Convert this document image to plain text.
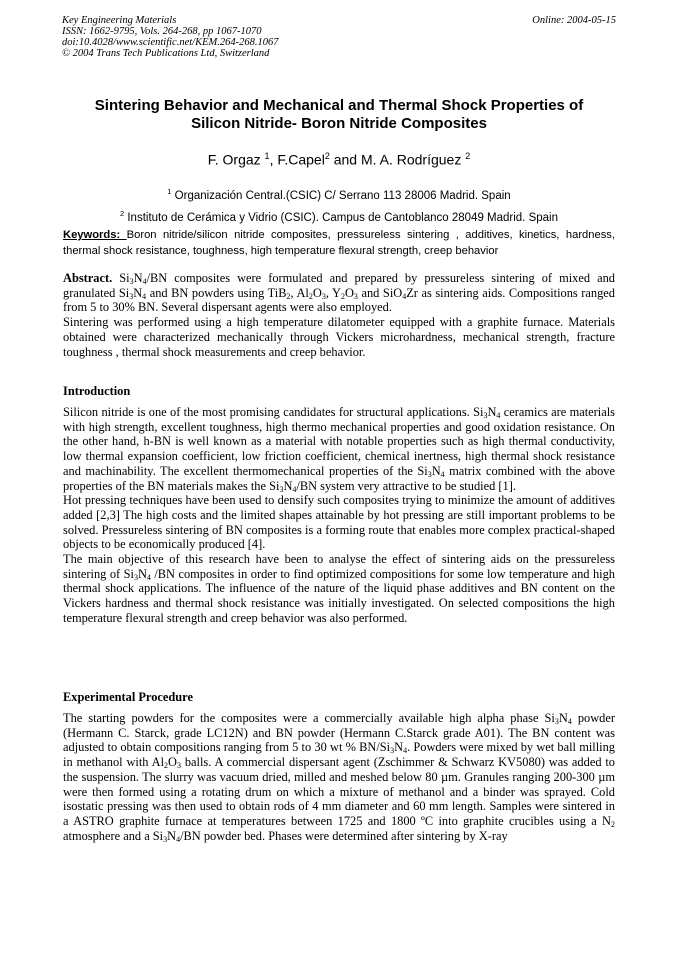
Key Engineering Materials
ISSN: 1662-9795, Vols. 264-268, pp 1067-1070
doi:10.4028/www.scientific.net/KEM.264-268.1067
© 2004 Trans Tech Publications Ltd, Switzerland
Online: 2004-05-15
Sintering Behavior and Mechanical and Thermal Shock Properties of
Silicon Nitride- Boron Nitride Composites
F. Orgaz $^1$, F.Capel$^2$ and M. A. Rodríguez $^2$
$^1$ Organización Central.(CSIC) C/ Serrano 113 28006 Madrid. Spain
$^2$ Instituto de Cerámica y Vidrio (CSIC). Campus de Cantoblanco 28049 Madrid. Spain
Keywords: Boron nitride/silicon nitride composites, pressureless sintering , additives, kinetics, hardness, thermal shock resistance, toughness, high temperature flexural strength, creep behavior

Abstract. $Si_3N_4/BN$ composites were formulated and prepared by pressureless sintering of mixed and granulated $Si_3N_4$ and BN powders using TiB$_2$, $Al_2O_3$, $Y_2O_3$ and SiO$_4$Zr as sintering aids. Compositions ranged from 5 to 30% BN. Several dispersant agents were also employed.

Sintering was performed using a high temperature dilatometer equipped with a graphite furnace. Materials obtained were characterized mechanically through Vickers microhardness, mechanical strength, fracture toughness , thermal shock measurements and creep behavior.

Introduction

Silicon nitride is one of the most promising candidates for structural applications. $Si_3N_4$ ceramics are materials with high strength, excellent toughness, high thermo mechanical properties and good oxidation resistance. On the other hand, h-BN is well known as a material with notable properties such as high thermal conductivity, low thermal expansion coefficient, low friction coefficient, chemical inertness, high thermal shock resistance and machinability. The excellent thermomechanical properties of the $Si_3N_4$ matrix combined with the above properties of the BN materials makes the $Si_3N_4/BN$ system very attractive to be studied [1].

Hot pressing techniques have been used to densify such composites trying to minimize the amount of additives added [2,3] The high costs and the limited shapes attainable by hot pressing are still important problems to be solved. Pressureless sintering of BN composites is a forming route that enables more complex practical-shaped objects to be economically produced [4].

The main objective of this research have been to analyse the effect of sintering aids on the pressureless sintering of $Si_3N_4$ /BN composites in order to find optimized compositions for some low temperature and high thermal shock applications. The influence of the nature of the liquid phase additives and BN content on the Vickers hardness and thermal shock resistance was initially investigated. On selected compositions the high temperature flexural strength and creep behavior was also performed.

Experimental Procedure

The starting powders for the composites were a commercially available high alpha phase $Si_3N_4$ powder (Hermann C. Starck, grade LC12N) and BN powder (Hermann C.Starck grade A01). The BN content was adjusted to obtain compositions ranging from 5 to 30 wt % $BN/Si_3N_4$. Powders were mixed by wet ball milling in methanol with $Al_2O_3$ balls. A commercial dispersant agent (Zschimmer & Schwarz KV5080) was added to the suspension. The slurry was vacuum dried, milled and meshed below 80 µm. Granules ranging 200-300 µm were then formed using a rotating drum on which a mixture of methanol and a binder was sprayed. Cold isostatic pressing was then used to obtain rods of 4 mm diameter and 60 mm length. Samples were sintered in a ASTRO graphite furnace at temperatures between 1725 and 1800 ºC into graphite crucibles using a $N_2$ atmosphere and a $Si_3N_4/BN$ powder bed. Phases were determined after sintering by X-ray
